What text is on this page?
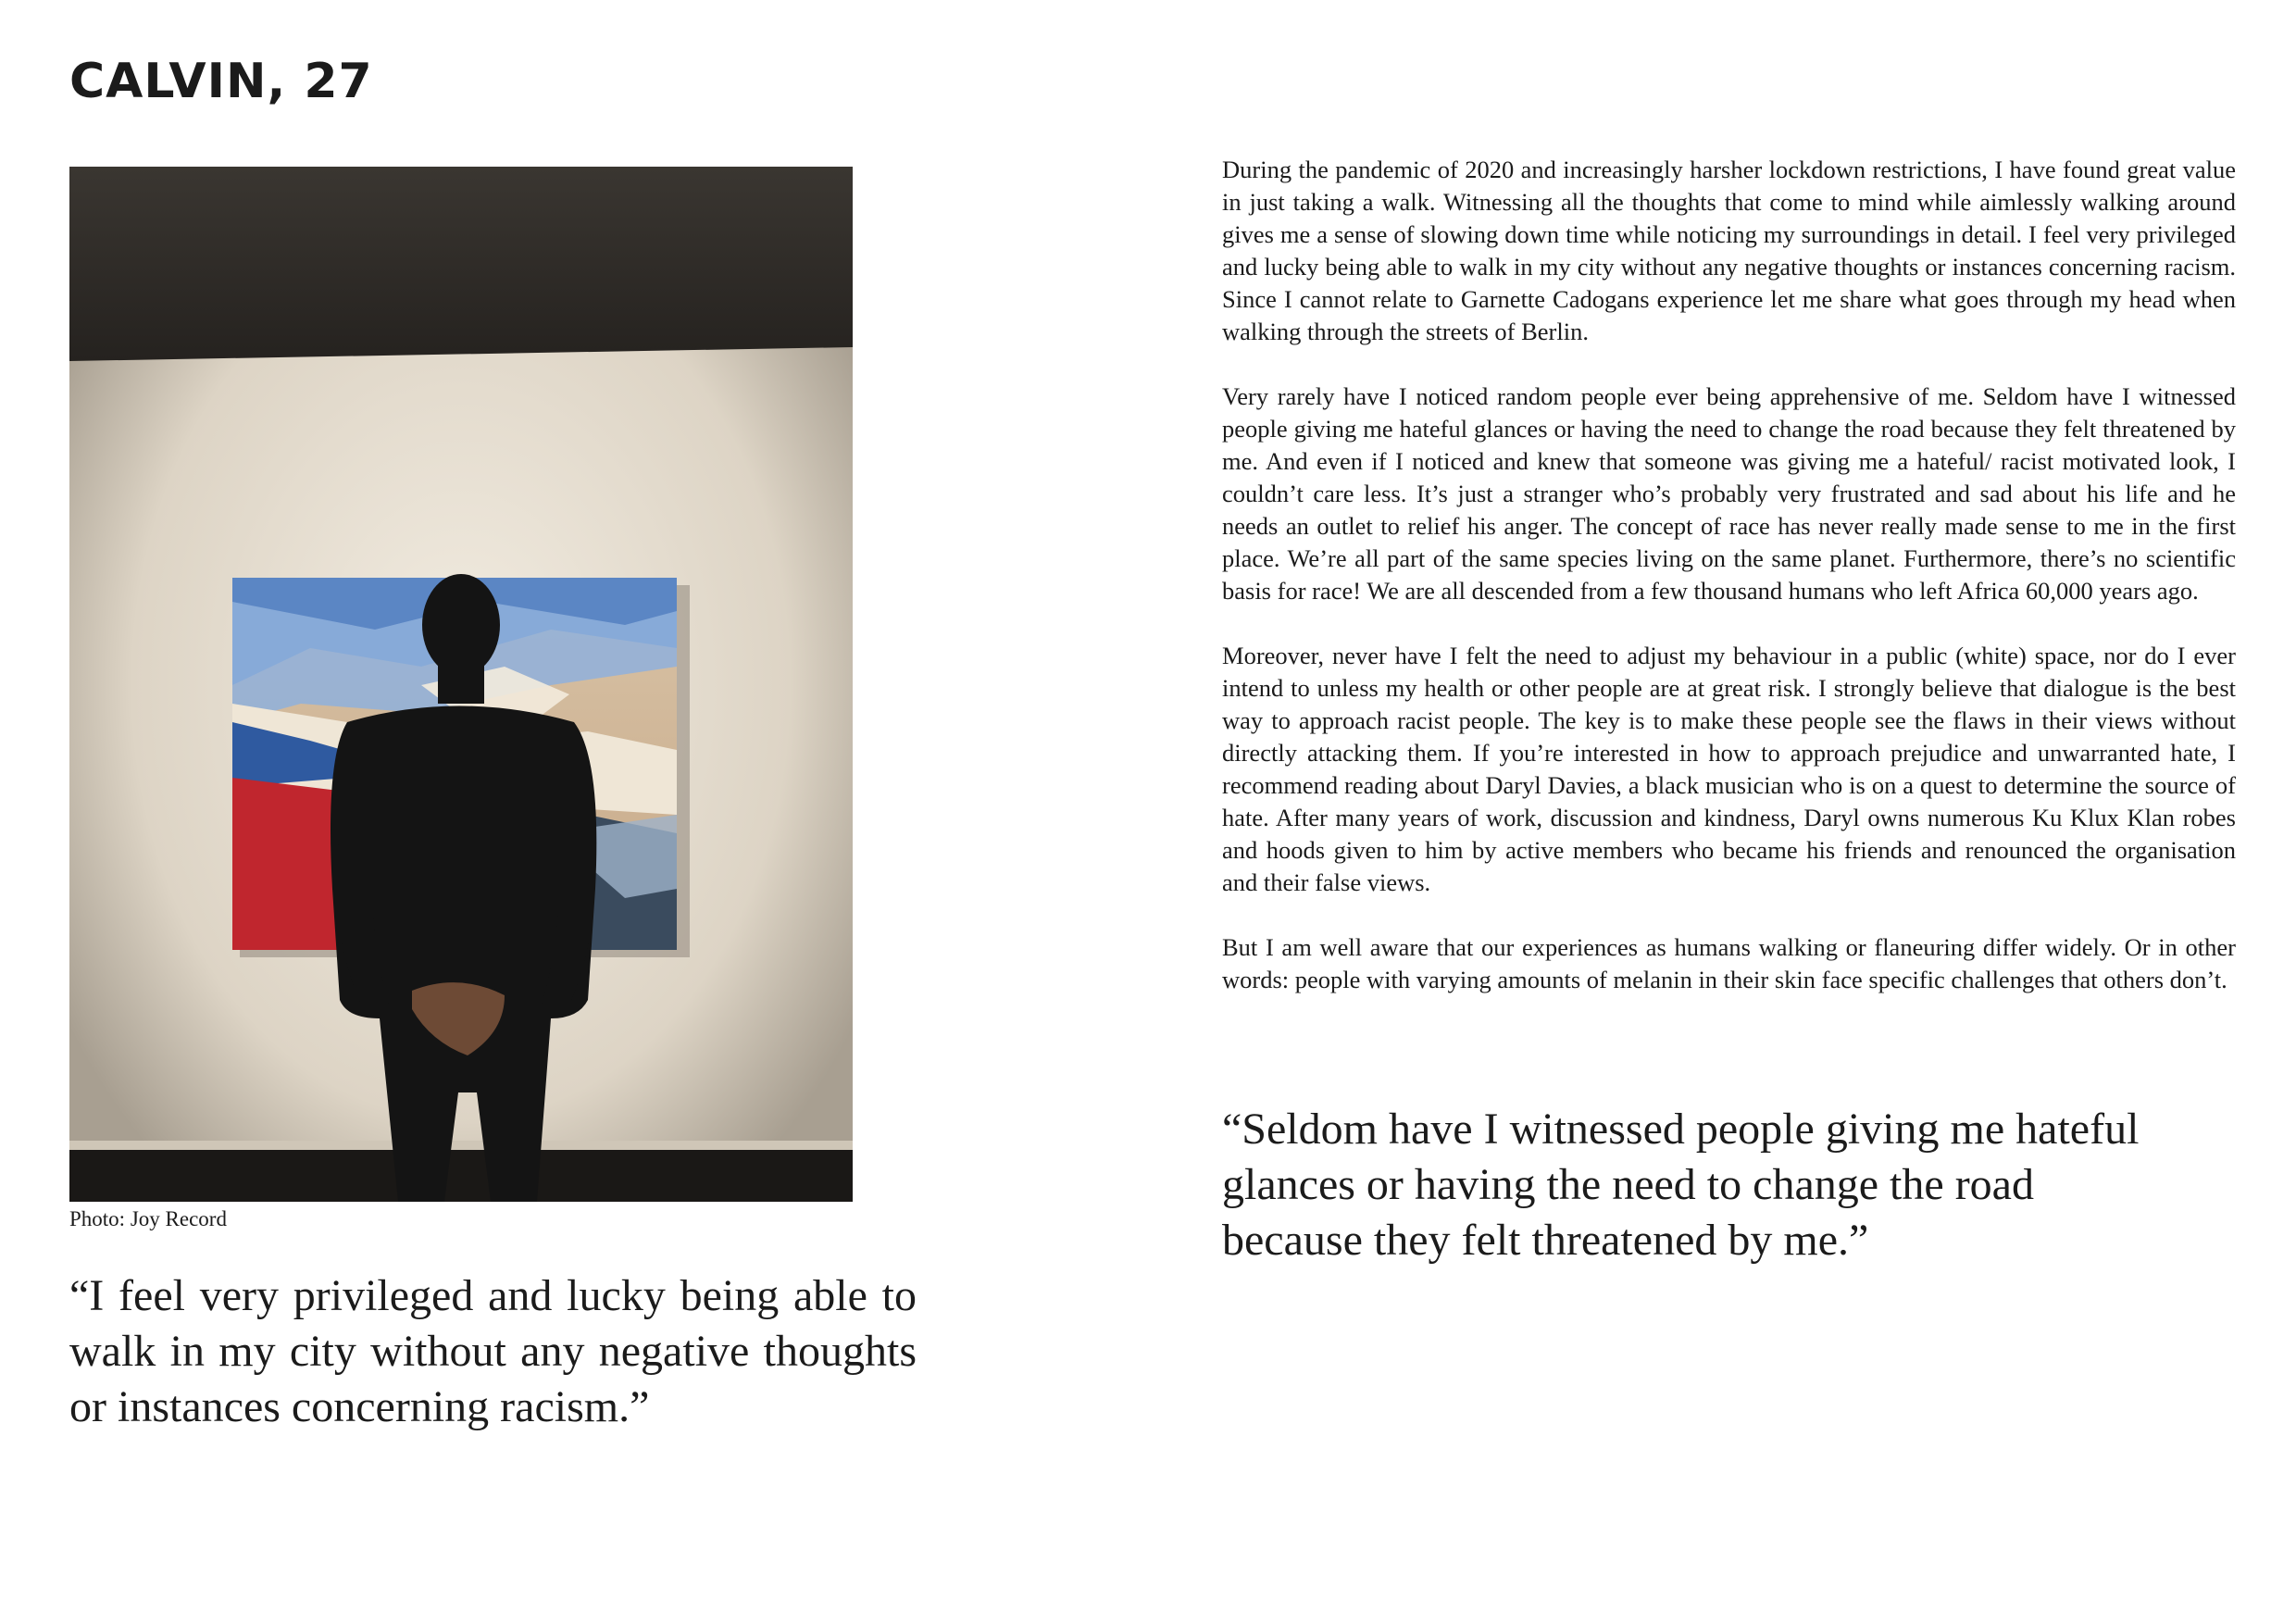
CALVIN, 27
Photo: Joy Record

“I feel very privileged and lucky being able to walk in my city without any negative thoughts or instances concerning racism.”

During the pandemic of 2020 and increasingly harsher lockdown restrictions, I have found great value in just taking a walk. Witnessing all the thoughts that come to mind while aimlessly walking around gives me a sense of slowing down time while noticing my surroundings in detail. I feel very privileged and lucky being able to walk in my city without any negative thoughts or instances concerning racism. Since I cannot relate to Garnette Cadogans experience let me share what goes through my head when walking through the streets of Berlin.

Very rarely have I noticed random people ever being apprehensive of me. Seldom have I witnessed people giving me hateful glances or having the need to change the road because they felt threatened by me. And even if I noticed and knew that someone was giving me a hateful/ racist motivated look, I couldn’t care less. It’s just a stranger who’s probably very frustrated and sad about his life and he needs an outlet to relief his anger. The concept of race has never really made sense to me in the first place. We’re all part of the same species living on the same planet. Furthermore, there’s no scientific basis for race! We are all descended from a few thousand humans who left Africa 60,000 years ago.

Moreover, never have I felt the need to adjust my behaviour in a public (white) space, nor do I ever intend to unless my health or other people are at great risk. I strongly believe that dialogue is the best way to approach racist people. The key is to make these people see the flaws in their views without directly attacking them. If you’re interested in how to approach prejudice and unwarranted hate, I recommend reading about Daryl Davies, a black musician who is on a quest to determine the source of hate. After many years of work, discussion and kindness, Daryl owns numerous Ku Klux Klan robes and hoods given to him by active members who became his friends and renounced the organisation and their false views.

But I am well aware that our experiences as humans walking or flaneuring differ widely. Or in other words: people with varying amounts of melanin in their skin face specific challenges that others don’t.

“Seldom have I witnessed people giving me hateful glances or having the need to change the road because they felt threatened by me.”
